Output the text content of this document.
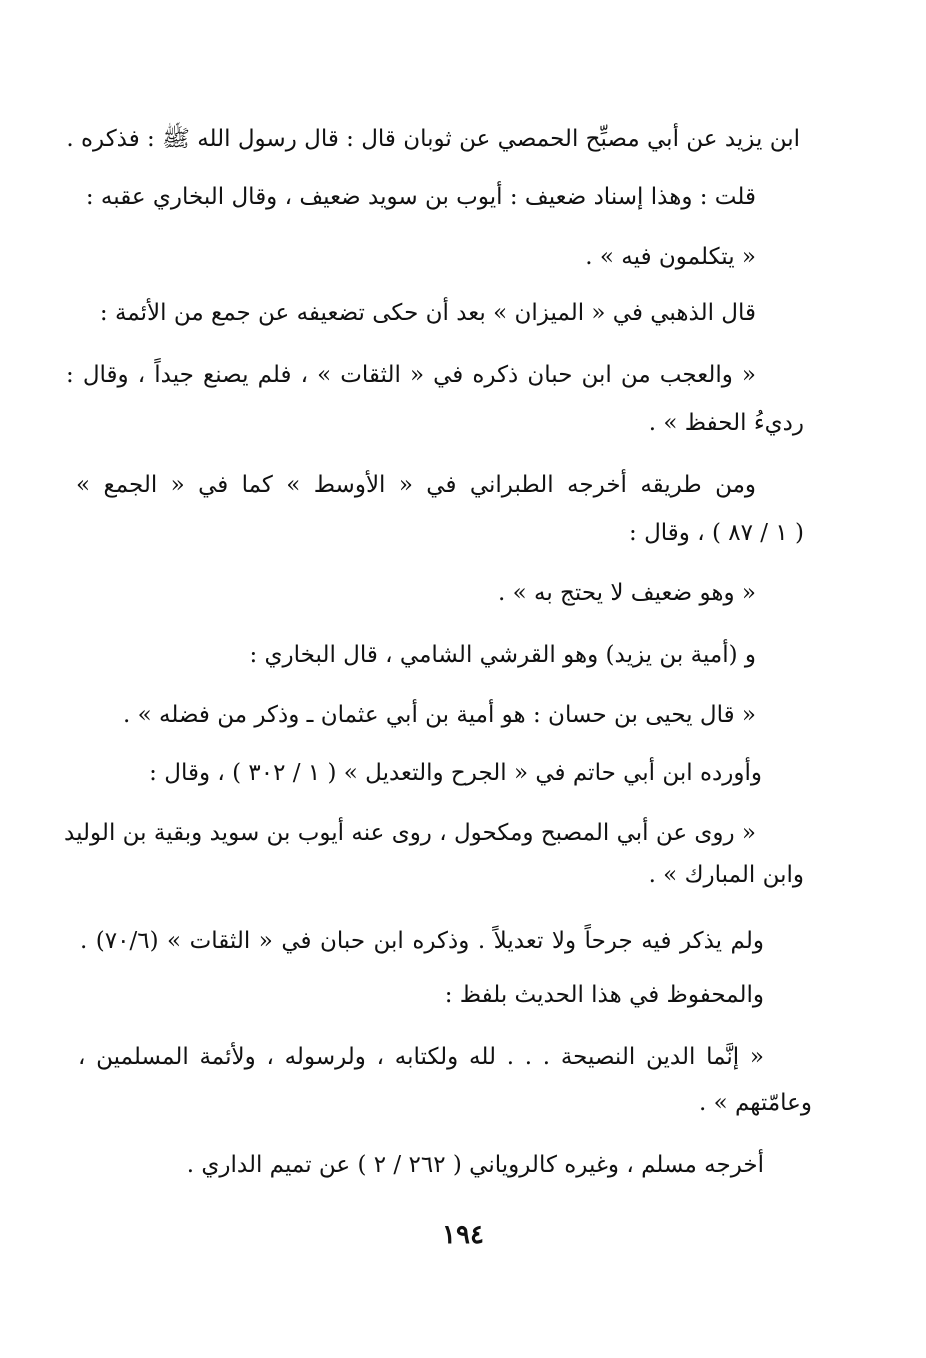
ابن يزيد عن أبي مصبِّح الحمصي عن ثوبان قال : قال رسول الله ﷺ : فذكره .
قلت : وهذا إسناد ضعيف : أيوب بن سويد ضعيف ، وقال البخاري عقبه :
« يتكلمون فيه » .
قال الذهبي في « الميزان » بعد أن حكى تضعيفه عن جمع من الأئمة :
« والعجب من ابن حبان ذكره في « الثقات » ، فلم يصنع جيداً ، وقال :
رديءُ الحفظ » .
ومن طريقه أخرجه الطبراني في « الأوسط » كما في « الجمع »
( ١ / ٨٧ ) ، وقال :
« وهو ضعيف لا يحتج به » .
و (أمية بن يزيد) وهو القرشي الشامي ، قال البخاري :
« قال يحيى بن حسان : هو أمية بن أبي عثمان ـ وذكر من فضله » .
وأورده ابن أبي حاتم في « الجرح والتعديل » ( ١ / ٣٠٢ ) ، وقال :
« روى عن أبي المصبح ومكحول ، روى عنه أيوب بن سويد وبقية بن الوليد
وابن المبارك » .
ولم يذكر فيه جرحاً ولا تعديلاً . وذكره ابن حبان في « الثقات » (٧٠/٦) .
والمحفوظ في هذا الحديث بلفظ :
« إنَّما الدين النصيحة . . . لله ولكتابه ، ولرسوله ، ولأئمة المسلمين ،
وعامّتهم » .
أخرجه مسلم ، وغيره كالروياني ( ٢٦٢ / ٢ ) عن تميم الداري .
١٩٤
